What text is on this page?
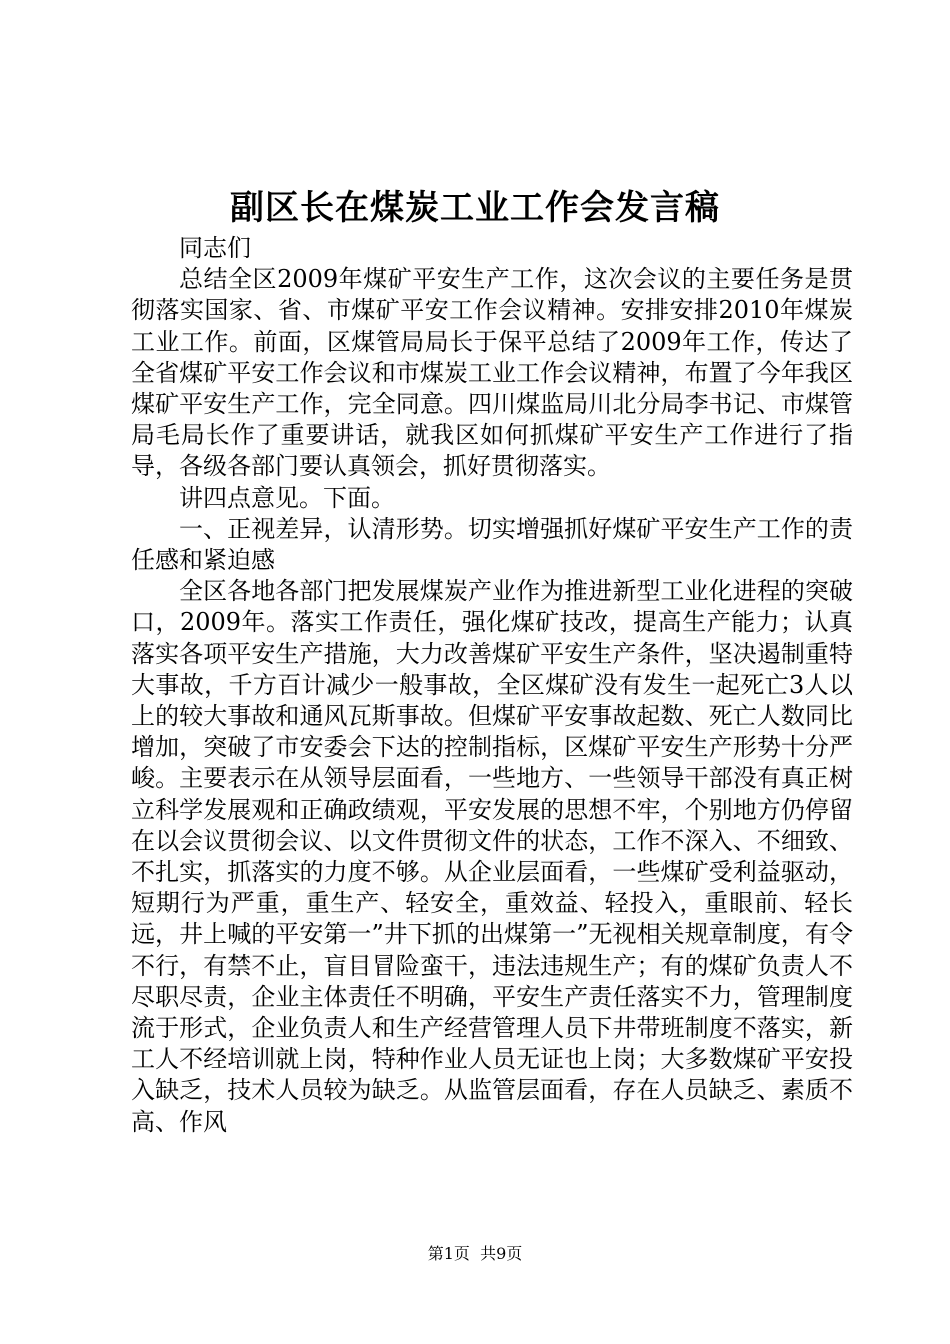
副区长在煤炭工业工作会发言稿

同志们

总结全区2009年煤矿平安生产工作，这次会议的主要任务是贯彻落实国家、省、市煤矿平安工作会议精神。安排安排2010年煤炭工业工作。前面，区煤管局局长于保平总结了2009年工作，传达了全省煤矿平安工作会议和市煤炭工业工作会议精神，布置了今年我区煤矿平安生产工作，完全同意。四川煤监局川北分局李书记、市煤管局毛局长作了重要讲话，就我区如何抓煤矿平安生产工作进行了指导，各级各部门要认真领会，抓好贯彻落实。

讲四点意见。下面。

一、正视差异，认清形势。切实增强抓好煤矿平安生产工作的责任感和紧迫感

全区各地各部门把发展煤炭产业作为推进新型工业化进程的突破口，2009年。落实工作责任，强化煤矿技改，提高生产能力；认真落实各项平安生产措施，大力改善煤矿平安生产条件，坚决遏制重特大事故，千方百计减少一般事故，全区煤矿没有发生一起死亡3人以上的较大事故和通风瓦斯事故。但煤矿平安事故起数、死亡人数同比增加，突破了市安委会下达的控制指标，区煤矿平安生产形势十分严峻。主要表示在从领导层面看，一些地方、一些领导干部没有真正树立科学发展观和正确政绩观，平安发展的思想不牢，个别地方仍停留在以会议贯彻会议、以文件贯彻文件的状态，工作不深入、不细致、不扎实，抓落实的力度不够。从企业层面看，一些煤矿受利益驱动，短期行为严重，重生产、轻安全，重效益、轻投入，重眼前、轻长远，井上喊的平安第一”井下抓的出煤第一”无视相关规章制度，有令不行，有禁不止，盲目冒险蛮干，违法违规生产；有的煤矿负责人不尽职尽责，企业主体责任不明确，平安生产责任落实不力，管理制度流于形式，企业负责人和生产经营管理人员下井带班制度不落实，新工人不经培训就上岗，特种作业人员无证也上岗；大多数煤矿平安投入缺乏，技术人员较为缺乏。从监管层面看，存在人员缺乏、素质不高、作风

第1页 共9页
